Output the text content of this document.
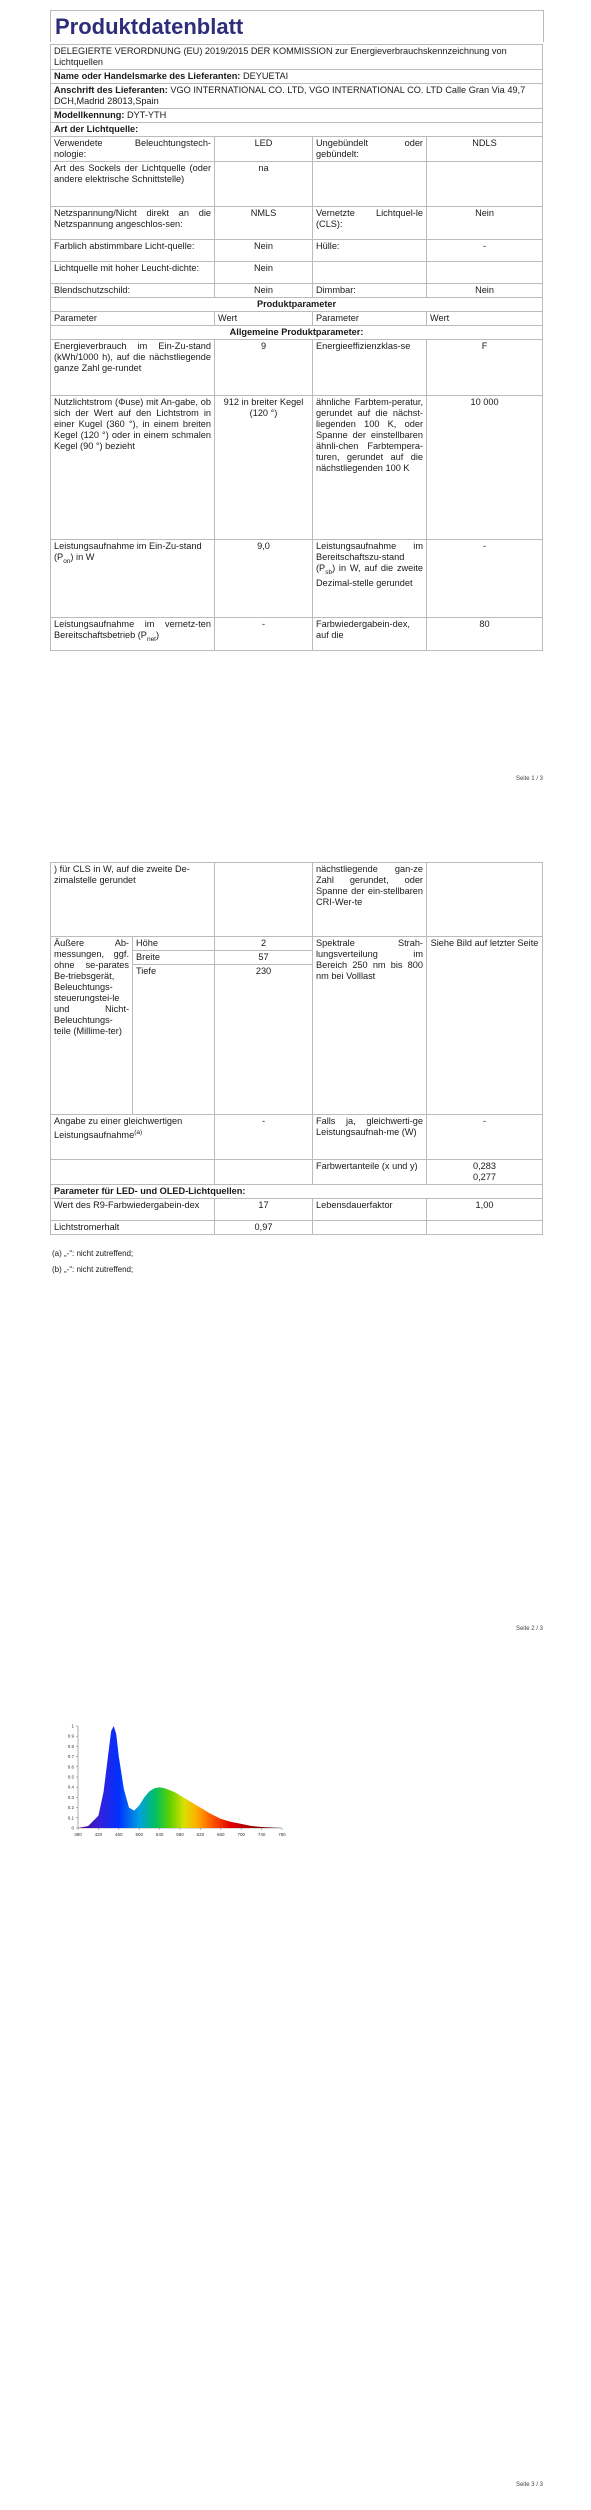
Produktdatenblatt
DELEGIERTE VERORDNUNG (EU) 2019/2015 DER KOMMISSION zur Energieverbrauchskennzeichnung von Lichtquellen			
Name oder Handelsmarke des Lieferanten: DEYUETAI			
Anschrift des Lieferanten: VGO INTERNATIONAL CO. LTD, VGO INTERNATIONAL CO. LTD Calle Gran Via 49,7 DCH,Madrid 28013,Spain			
Modellkennung: DYT-YTH			
Art der Lichtquelle:			
Verwendete Beleuchtungstech-nologie:	LED	Ungebündelt oder gebündelt:	NDLS
Art des Sockels der Lichtquelle (oder andere elektrische Schnittstelle)	na		
Netzspannung/Nicht direkt an die Netzspannung angeschlos-sen:	NMLS	Vernetzte Lichtquel-le (CLS):	Nein
Farblich abstimmbare Licht-quelle:	Nein	Hülle:	-
Lichtquelle mit hoher Leucht-dichte:	Nein		
Blendschutzschild:	Nein	Dimmbar:	Nein
Produktparameter			
Parameter	Wert	Parameter	Wert
Allgemeine Produktparameter:			
Energieverbrauch im Ein-Zu-stand (kWh/1000 h), auf die nächstliegende ganze Zahl ge-rundet	9	Energieeffizienzklas-se	F
Nutzlichtstrom (Φuse) mit An-gabe, ob sich der Wert auf den Lichtstrom in einer Kugel (360 °), in einem breiten Kegel (120 °) oder in einem schmalen Kegel (90 °) bezieht	912 in breiter Kegel (120 °)	ähnliche Farbtem-peratur, gerundet auf die nächst-liegenden 100 K, oder Spanne der einstellbaren ähnli-chen Farbtempera-turen, gerundet auf die nächstliegenden 100 K	10 000
Leistungsaufnahme im Ein-Zu-stand $(P_{on})$ in W	9,0	Leistungsaufnahme im Bereitschaftszu-stand $(P_{sb})$ in W, auf die zweite Dezimal-stelle gerundet	-
Leistungsaufnahme im vernetz-ten Bereitschaftsbetrieb $(P_{net})$	-	Farbwiedergabein-dex, auf die	80
Seite 1 / 3
) für CLS in W, auf die zweite De-zimalstelle gerundet			nächstliegende gan-ze Zahl gerundet, oder Spanne der ein-stellbaren CRI-Wer-te	
Äußere Ab-messungen, ggf. ohne se-parates Be-triebsgerät, Beleuchtungs-steuerungstei-le und Nicht-Beleuchtungs-teile (Millime-ter)	Höhe	2	Spektrale Strah-lungsverteilung im Bereich 250 nm bis 800 nm bei Volllast	Siehe Bild auf letzter Seite
	Breite	57		
	Tiefe	230		
Angabe zu einer gleichwertigen Leistungsaufnahme$^{(a)}$		-	Falls ja, gleichwerti-ge Leistungsaufnah-me (W)	-
			Farbwertanteile (x und y)	0,283
0,277
Parameter für LED- und OLED-Lichtquellen:				
Wert des R9-Farbwiedergabein-dex		17	Lebensdauerfaktor	1,00
Lichtstromerhalt		0,97		
(a) „-“: nicht zutreffend;
(b) „-“: nicht zutreffend;
Seite 2 / 3
0
0.1
0.2
0.3
0.4
0.5
0.6
0.7
0.8
0.9
1
380	420	460	500	540	580	620	660	700	740	780
Seite 3 / 3
